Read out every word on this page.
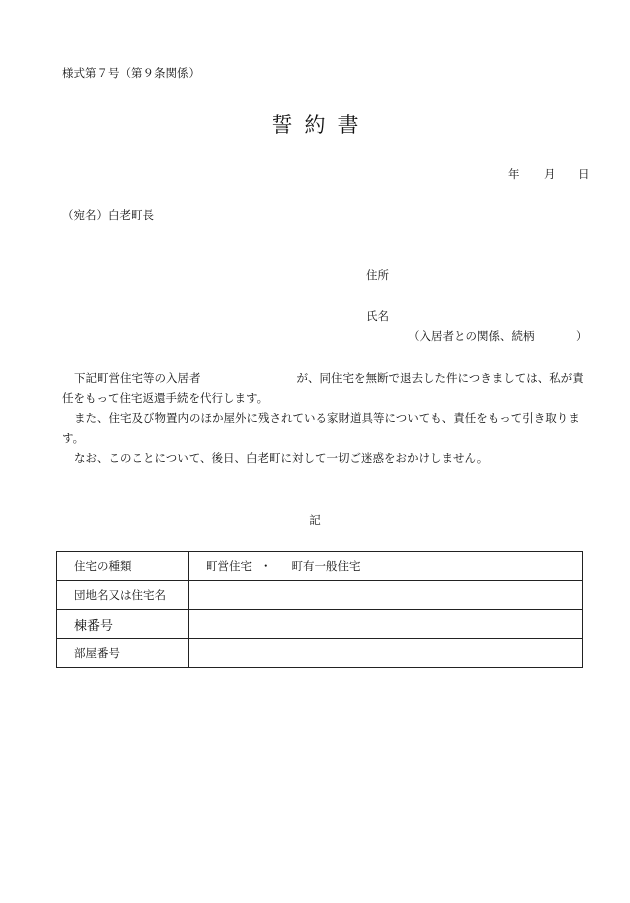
様式第７号（第９条関係）
誓約書
年 月 日
（宛名）白老町長
住所
氏名
（入居者との関係、続柄	）
下記町営住宅等の入居者	が、同住宅を無断で退去した件につきましては、私が責任をもって住宅返還手続を代行します。
また、住宅及び物置内のほか屋外に残されている家財道具等についても、責任をもって引き取ります。
なお、このことについて、後日、白老町に対して一切ご迷惑をおかけしません。
記
住宅の種類	町営住宅 ・ 町有一般住宅
団地名又は住宅名	
棟番号	
部屋番号	
